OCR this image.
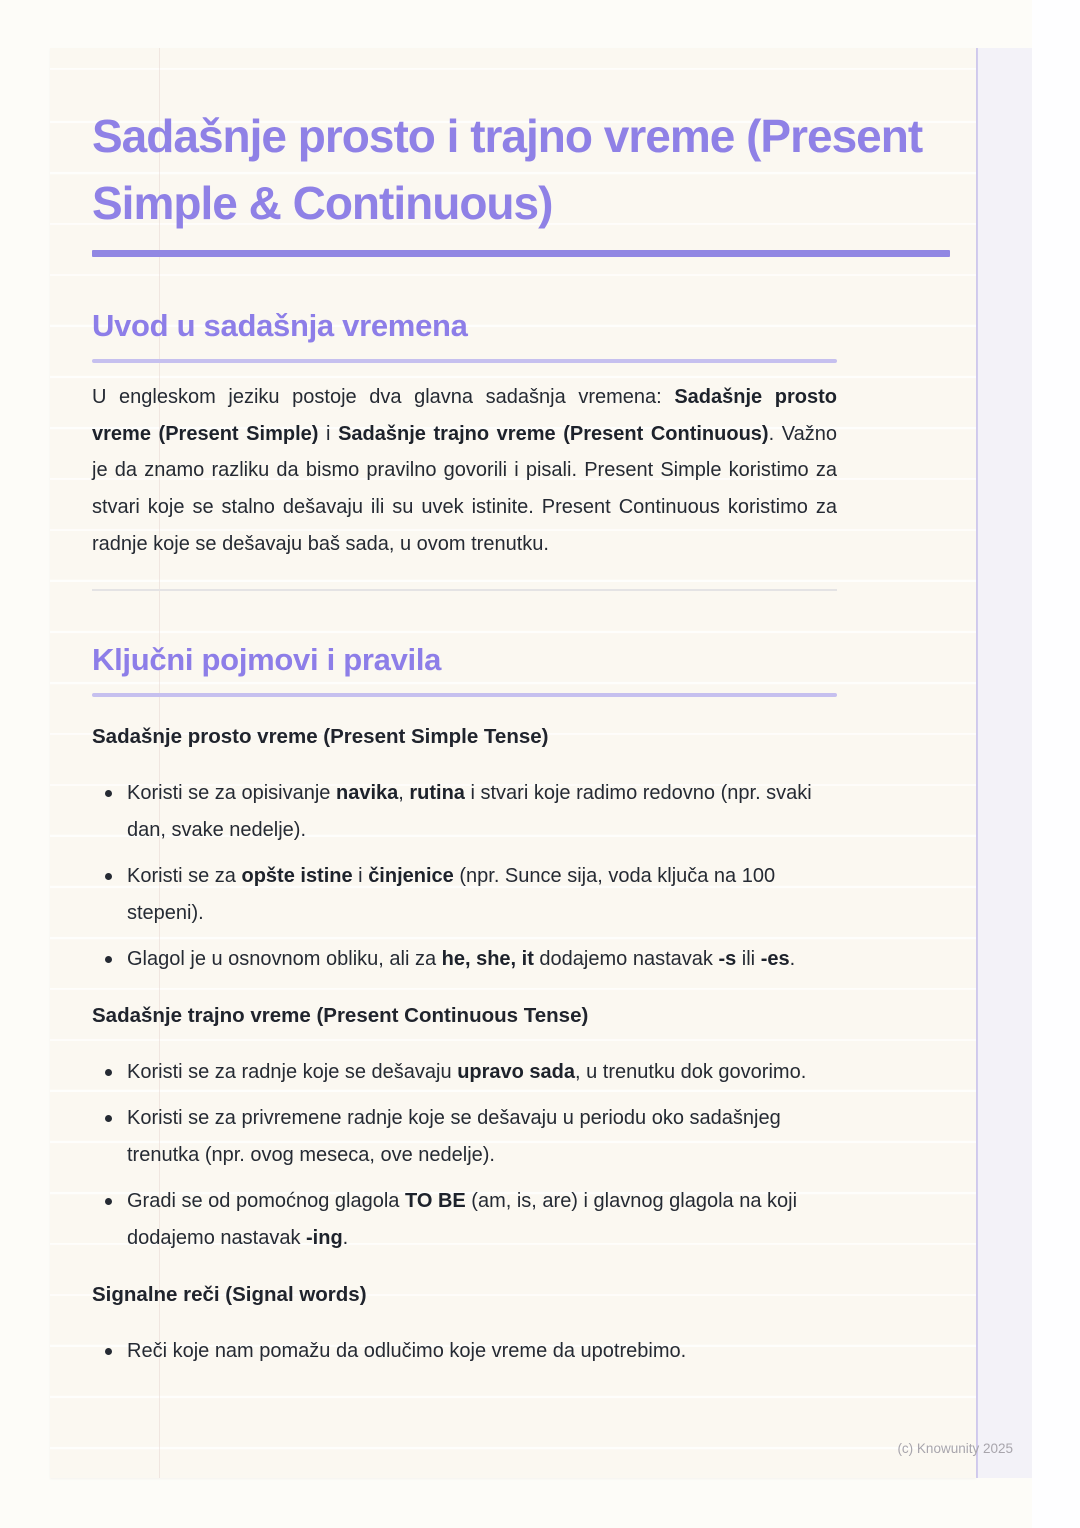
Sadašnje prosto i trajno vreme (Present Simple & Continuous)
Uvod u sadašnja vremena

U engleskom jeziku postoje dva glavna sadašnja vremena: Sadašnje prosto vreme (Present Simple) i Sadašnje trajno vreme (Present Continuous). Važno je da znamo razliku da bismo pravilno govorili i pisali. Present Simple koristimo za stvari koje se stalno dešavaju ili su uvek istinite. Present Continuous koristimo za radnje koje se dešavaju baš sada, u ovom trenutku.

Ključni pojmovi i pravila
Sadašnje prosto vreme (Present Simple Tense)
Koristi se za opisivanje navika, rutina i stvari koje radimo redovno (npr. svaki dan, svake nedelje).
Koristi se za opšte istine i činjenice (npr. Sunce sija, voda ključa na 100 stepeni).
Glagol je u osnovnom obliku, ali za he, she, it dodajemo nastavak -s ili -es.
Sadašnje trajno vreme (Present Continuous Tense)
Koristi se za radnje koje se dešavaju upravo sada, u trenutku dok govorimo.
Koristi se za privremene radnje koje se dešavaju u periodu oko sadašnjeg trenutka (npr. ovog meseca, ove nedelje).
Gradi se od pomoćnog glagola TO BE (am, is, are) i glavnog glagola na koji dodajemo nastavak -ing.
Signalne reči (Signal words)
Reči koje nam pomažu da odlučimo koje vreme da upotrebimo.
(c) Knowunity 2025
